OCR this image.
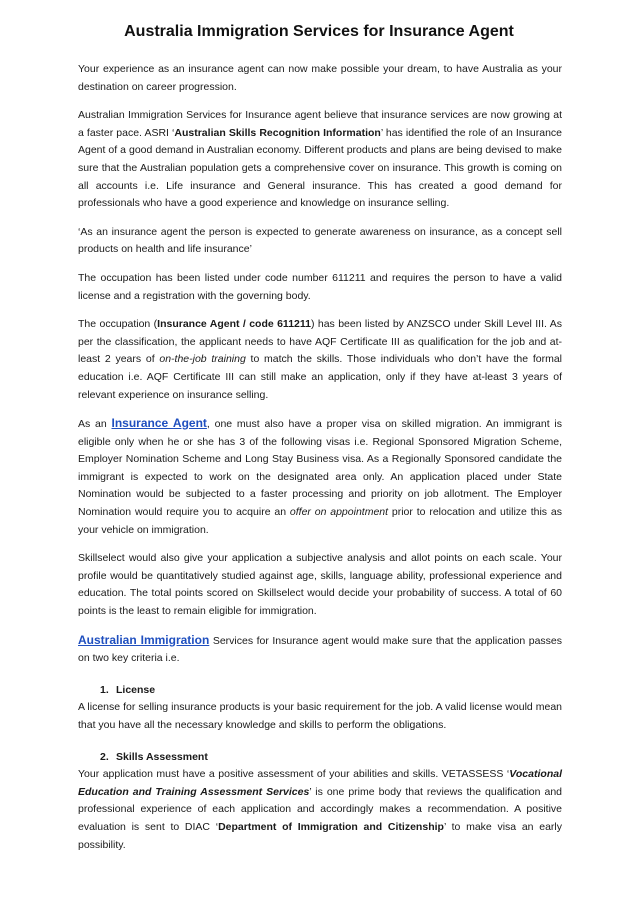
Australia Immigration Services for Insurance Agent

Your experience as an insurance agent can now make possible your dream, to have Australia as your destination on career progression.

Australian Immigration Services for Insurance agent believe that insurance services are now growing at a faster pace. ASRI ‘Australian Skills Recognition Information’ has identified the role of an Insurance Agent of a good demand in Australian economy. Different products and plans are being devised to make sure that the Australian population gets a comprehensive cover on insurance. This growth is coming on all accounts i.e. Life insurance and General insurance. This has created a good demand for professionals who have a good experience and knowledge on insurance selling.

‘As an insurance agent the person is expected to generate awareness on insurance, as a concept sell products on health and life insurance’

The occupation has been listed under code number 611211 and requires the person to have a valid license and a registration with the governing body.

The occupation (Insurance Agent / code 611211) has been listed by ANZSCO under Skill Level III. As per the classification, the applicant needs to have AQF Certificate III as qualification for the job and at-least 2 years of on-the-job training to match the skills. Those individuals who don’t have the formal education i.e. AQF Certificate III can still make an application, only if they have at-least 3 years of relevant experience on insurance selling.

As an Insurance Agent, one must also have a proper visa on skilled migration. An immigrant is eligible only when he or she has 3 of the following visas i.e. Regional Sponsored Migration Scheme, Employer Nomination Scheme and Long Stay Business visa. As a Regionally Sponsored candidate the immigrant is expected to work on the designated area only. An application placed under State Nomination would be subjected to a faster processing and priority on job allotment. The Employer Nomination would require you to acquire an offer on appointment prior to relocation and utilize this as your vehicle on immigration.

Skillselect would also give your application a subjective analysis and allot points on each scale. Your profile would be quantitatively studied against age, skills, language ability, professional experience and education. The total points scored on Skillselect would decide your probability of success. A total of 60 points is the least to remain eligible for immigration.

Australian Immigration Services for Insurance agent would make sure that the application passes on two key criteria i.e.

1. License

A license for selling insurance products is your basic requirement for the job. A valid license would mean that you have all the necessary knowledge and skills to perform the obligations.

2. Skills Assessment

Your application must have a positive assessment of your abilities and skills. VETASSESS ‘Vocational Education and Training Assessment Services’ is one prime body that reviews the qualification and professional experience of each application and accordingly makes a recommendation. A positive evaluation is sent to DIAC ‘Department of Immigration and Citizenship’ to make visa an early possibility.
